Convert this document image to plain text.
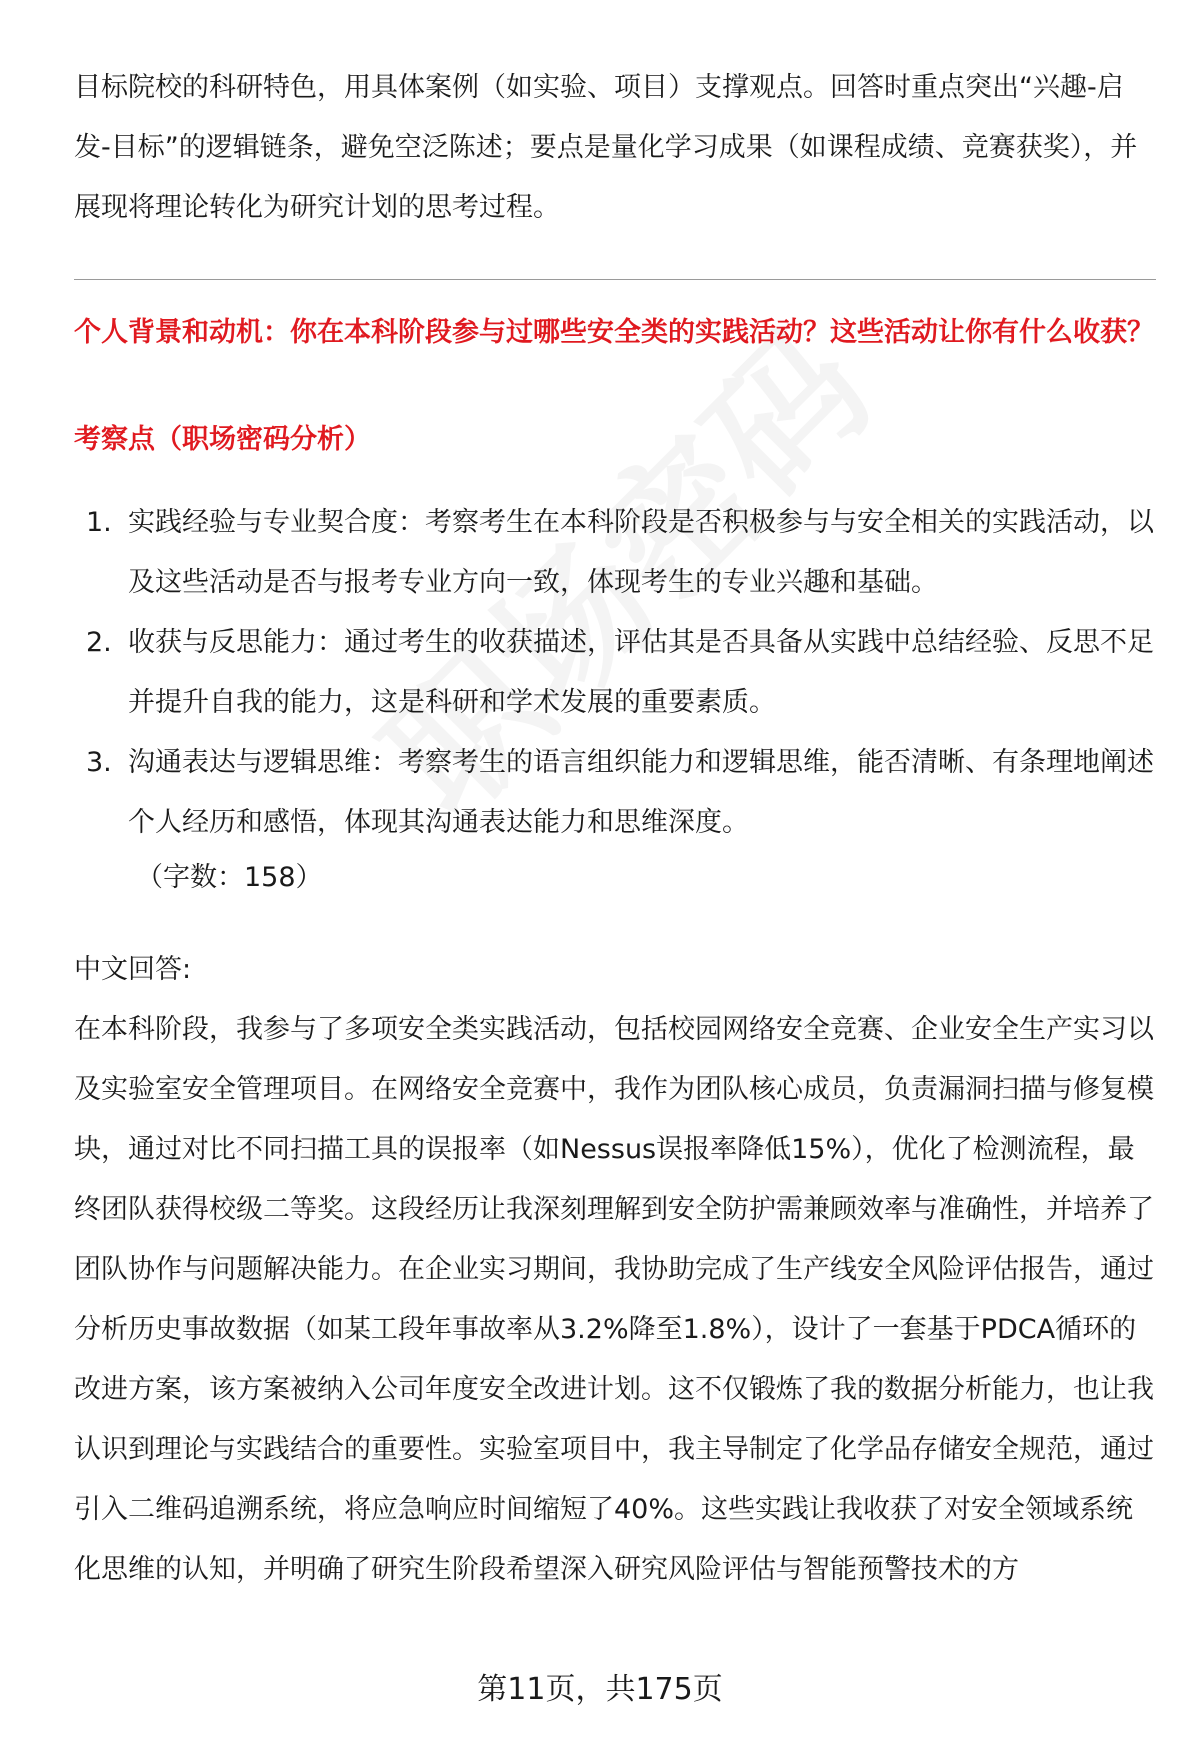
目标院校的科研特色，用具体案例（如实验、项目）支撑观点。回答时重点突出“兴趣-启发-目标”的逻辑链条，避免空泛陈述；要点是量化学习成果（如课程成绩、竞赛获奖），并展现将理论转化为研究计划的思考过程。
个人背景和动机：你在本科阶段参与过哪些安全类的实践活动？这些活动让你有什么收获？
考察点（职场密码分析）
1. 实践经验与专业契合度：考察考生在本科阶段是否积极参与与安全相关的实践活动，以及这些活动是否与报考专业方向一致，体现考生的专业兴趣和基础。
2. 收获与反思能力：通过考生的收获描述，评估其是否具备从实践中总结经验、反思不足并提升自我的能力，这是科研和学术发展的重要素质。
3. 沟通表达与逻辑思维：考察考生的语言组织能力和逻辑思维，能否清晰、有条理地阐述个人经历和感悟，体现其沟通表达能力和思维深度。
（字数：158）
中文回答:
在本科阶段，我参与了多项安全类实践活动，包括校园网络安全竞赛、企业安全生产实习以及实验室安全管理项目。在网络安全竞赛中，我作为团队核心成员，负责漏洞扫描与修复模块，通过对比不同扫描工具的误报率（如Nessus误报率降低15%），优化了检测流程，最终团队获得校级二等奖。这段经历让我深刻理解到安全防护需兼顾效率与准确性，并培养了团队协作与问题解决能力。在企业实习期间，我协助完成了生产线安全风险评估报告，通过分析历史事故数据（如某工段年事故率从3.2%降至1.8%），设计了一套基于PDCA循环的改进方案，该方案被纳入公司年度安全改进计划。这不仅锻炼了我的数据分析能力，也让我认识到理论与实践结合的重要性。实验室项目中，我主导制定了化学品存储安全规范，通过引入二维码追溯系统，将应急响应时间缩短了40%。这些实践让我收获了对安全领域系统化思维的认知，并明确了研究生阶段希望深入研究风险评估与智能预警技术的方
第11页，共175页
